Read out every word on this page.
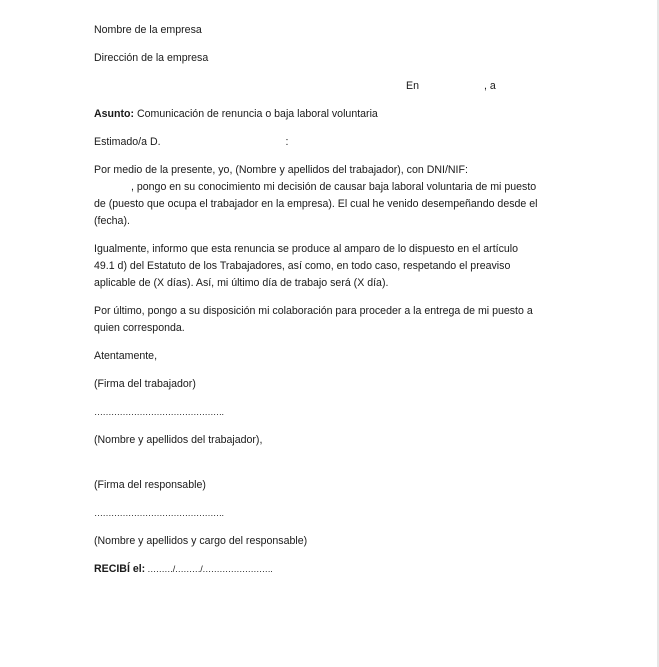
Nombre de la empresa

Dirección de la empresa

En	, a

Asunto: Comunicación de renuncia o baja laboral voluntaria

Estimado/a D.	:

Por medio de la presente, yo, (Nombre y apellidos del trabajador), con DNI/NIF:
, pongo en su conocimiento mi decisión de causar baja laboral voluntaria de mi puesto
de (puesto que ocupa el trabajador en la empresa). El cual he venido desempeñando desde el
(fecha).

Igualmente, informo que esta renuncia se produce al amparo de lo dispuesto en el artículo
49.1 d) del Estatuto de los Trabajadores, así como, en todo caso, respetando el preaviso
aplicable de (X días). Así, mi último día de trabajo será (X día).

Por último, pongo a su disposición mi colaboración para proceder a la entrega de mi puesto a
quien corresponda.

Atentamente,

(Firma del trabajador)

……………………………………….

(Nombre y apellidos del trabajador),

(Firma del responsable)

……………………………………….

(Nombre y apellidos y cargo del responsable)

RECIBÍ el: ………/………/…………………….
